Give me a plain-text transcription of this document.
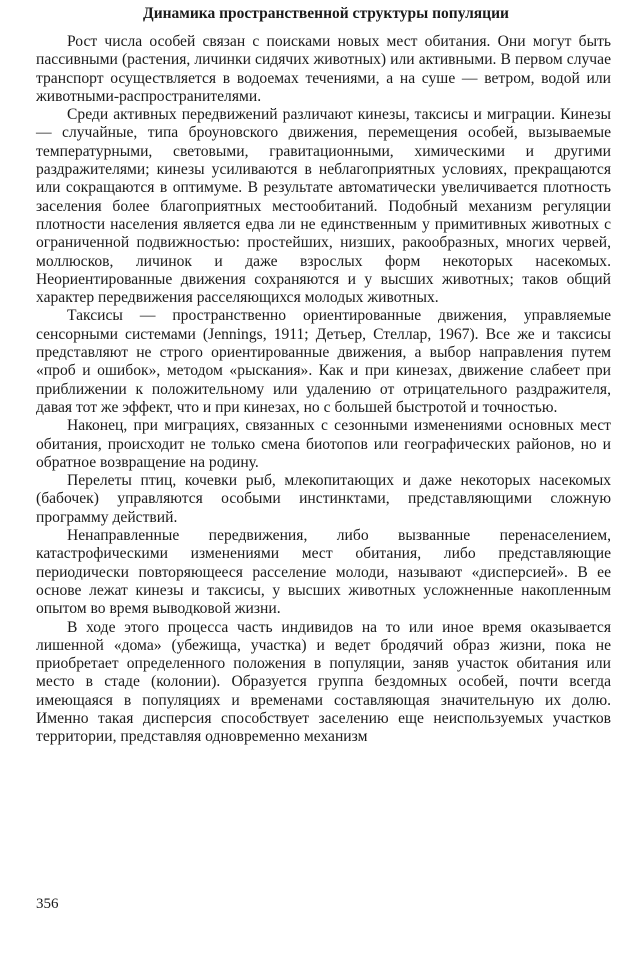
Динамика пространственной структуры популяции

Рост числа особей связан с поисками новых мест обитания. Они могут быть пассивными (растения, личинки сидячих животных) или активными. В первом случае транспорт осуществляется в водоемах течениями, а на суше — ветром, водой или животными-распространителями.

Среди активных передвижений различают кинезы, таксисы и миграции. Кинезы — случайные, типа броуновского движения, перемещения особей, вызываемые температурными, световыми, гравитационными, химическими и другими раздражителями; кинезы усиливаются в неблагоприятных условиях, прекращаются или сокращаются в оптимуме. В результате автоматически увеличивается плотность заселения более благоприятных местообитаний. Подобный механизм регуляции плотности населения является едва ли не единственным у примитивных животных с ограниченной подвижностью: простейших, низших, ракообразных, многих червей, моллюсков, личинок и даже взрослых форм некоторых насекомых. Неориентированные движения сохраняются и у высших животных; таков общий характер передвижения расселяющихся молодых животных.

Таксисы — пространственно ориентированные движения, управляемые сенсорными системами (Jennings, 1911; Детьер, Стеллар, 1967). Все же и таксисы представляют не строго ориентированные движения, а выбор направления путем «проб и ошибок», методом «рыскания». Как и при кинезах, движение слабеет при приближении к положительному или удалению от отрицательного раздражителя, давая тот же эффект, что и при кинезах, но с большей быстротой и точностью.

Наконец, при миграциях, связанных с сезонными изменениями основных мест обитания, происходит не только смена биотопов или географических районов, но и обратное возвращение на родину.

Перелеты птиц, кочевки рыб, млекопитающих и даже некоторых насекомых (бабочек) управляются особыми инстинктами, представляющими сложную программу действий.

Ненаправленные передвижения, либо вызванные перенаселением, катастрофическими изменениями мест обитания, либо представляющие периодически повторяющееся расселение молоди, называют «дисперсией». В ее основе лежат кинезы и таксисы, у высших животных усложненные накопленным опытом во время выводковой жизни.

В ходе этого процесса часть индивидов на то или иное время оказывается лишенной «дома» (убежища, участка) и ведет бродячий образ жизни, пока не приобретает определенного положения в популяции, заняв участок обитания или место в стаде (колонии). Образуется группа бездомных особей, почти всегда имеющаяся в популяциях и временами составляющая значительную их долю. Именно такая дисперсия способствует заселению еще неиспользуемых участков территории, представляя одновременно механизм

356
